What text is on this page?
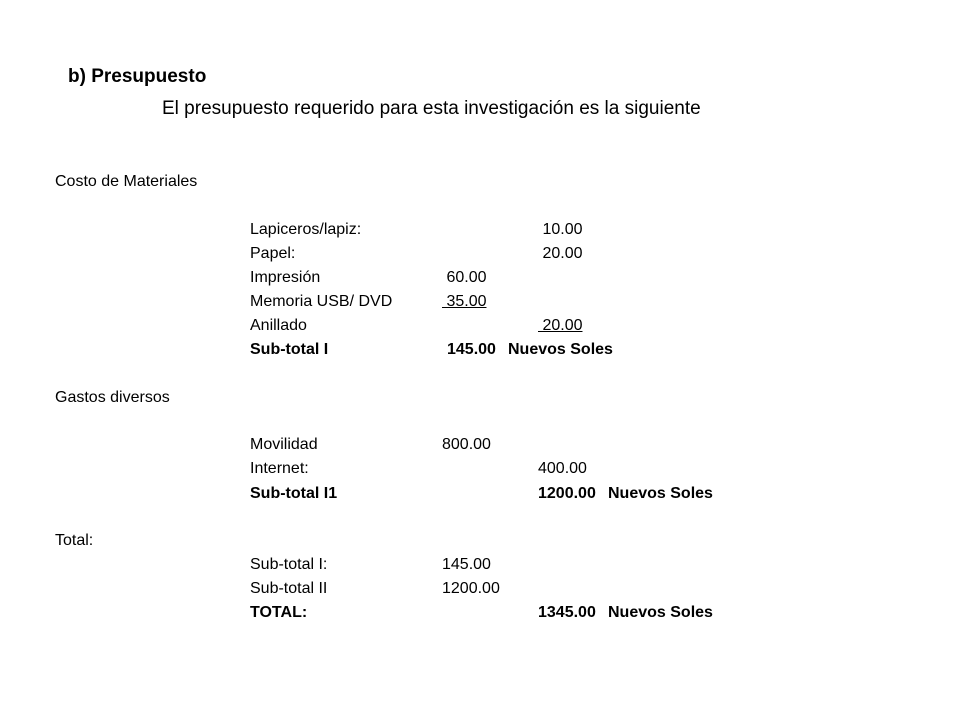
b) Presupuesto
El presupuesto requerido para esta investigación es la siguiente
Costo de Materiales
Lapiceros/lapiz:	10.00
Papel:	20.00
Impresión	60.00
Memoria USB/ DVD	35.00
Anillado	20.00
Sub-total I	145.00 Nuevos Soles
Gastos diversos
Movilidad	800.00
Internet:	400.00
Sub-total I1	1200.00 Nuevos Soles
Total:
Sub-total I:	145.00
Sub-total II	1200.00
TOTAL:	1345.00 Nuevos Soles
